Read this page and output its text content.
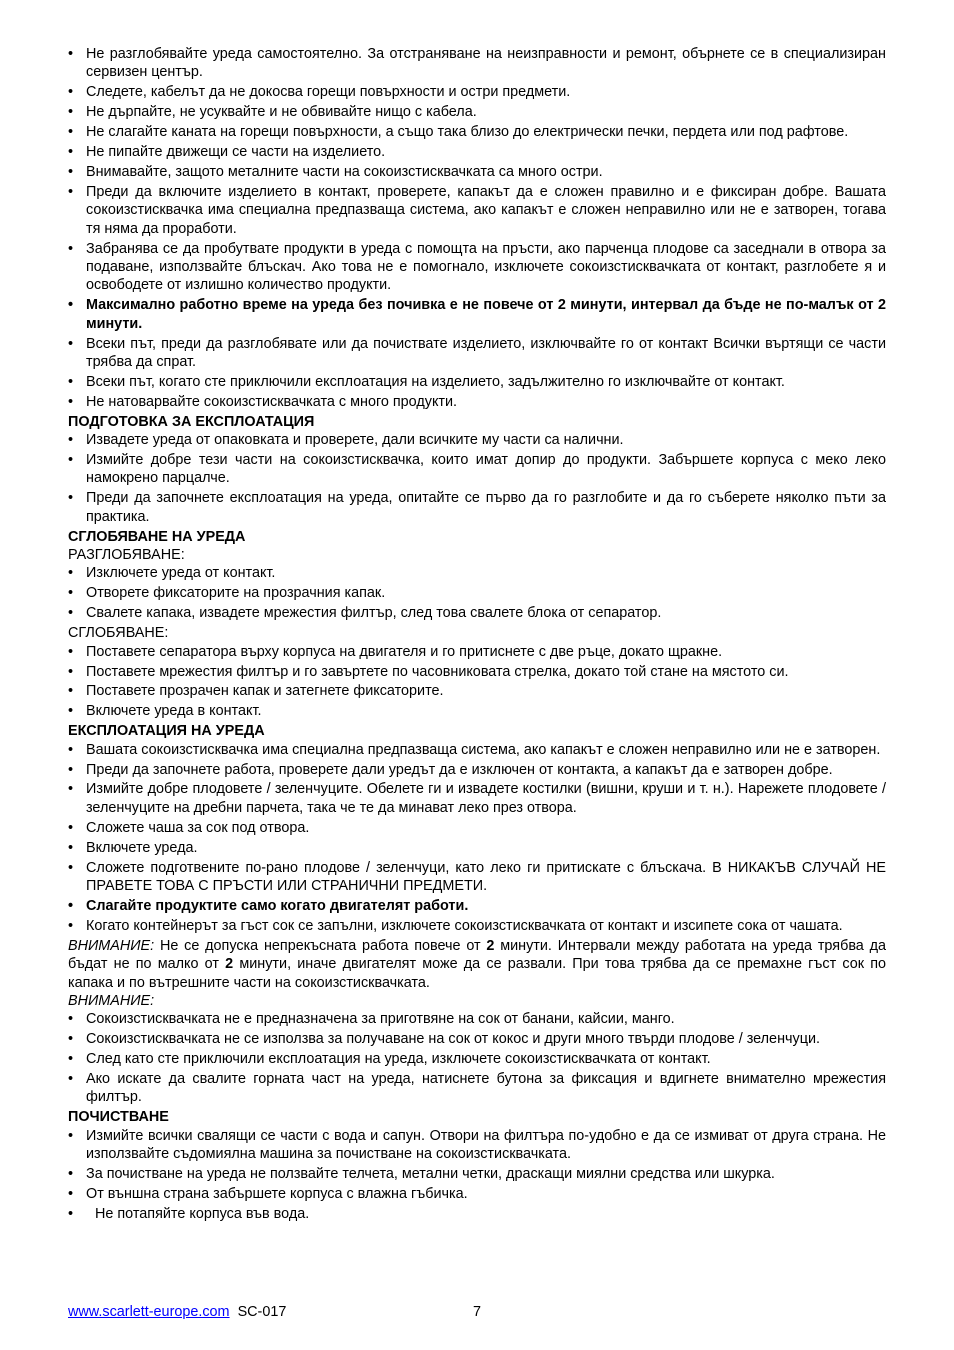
• Не разглобявайте уреда самостоятелно. За отстраняване на неизправности и ремонт, обърнете се в специализиран сервизен център.
• Следете, кабелът да не докосва горещи повърхности и остри предмети.
• Не дърпайте, не усуквайте и не обвивайте нищо с кабела.
• Не слагайте каната на горещи повърхности, а също така близо до електрически печки, пердета или под рафтове.
• Не пипайте движещи се части на изделието.
• Внимавайте, защото металните части на сокоизстисквачката са много остри.
• Преди да включите изделието в контакт, проверете, капакът да е сложен правилно и е фиксиран добре. Вашата сокоизстисквачка има специална предпазваща система, ако капакът е сложен неправилно или не е затворен, тогава тя няма да проработи.
• Забранява се да пробутвате продукти в уреда с помощта на пръсти, ако парченца плодове са заседнали в отвора за подаване, използвайте блъскач. Ако това не е помогнало, изключете сокоизстисквачката от контакт, разглобете я и освободете от излишно количество продукти.
• Максимално работно време на уреда без почивка е не повече от 2 минути, интервал да бъде не по-малък от 2 минути.
• Всеки път, преди да разглобявате или да почиствате изделието, изключвайте го от контакт Всички въртящи се части трябва да спрат.
• Всеки път, когато сте приключили експлоатация на изделието, задължително го изключвайте от контакт.
• Не натоварвайте сокоизстисквачката с много продукти.
ПОДГОТОВКА ЗА ЕКСПЛОАТАЦИЯ
• Извадете уреда от опаковката и проверете, дали всичките му части са налични.
• Измийте добре тези части на сокоизстисквачка, които имат допир до продукти. Забършете корпуса с меко леко намокрено парцалче.
• Преди да започнете експлоатация на уреда, опитайте се първо да го разглобите и да го съберете няколко пъти за практика.
СГЛОБЯВАНЕ НА УРЕДА
РАЗГЛОБЯВАНЕ:
• Изключете уреда от контакт.
• Отворете фиксаторите на прозрачния капак.
• Свалете капака, извадете мрежестия филтър, след това свалете блока от сепаратор.
СГЛОБЯВАНЕ:
• Поставете сепаратора върху корпуса на двигателя и го притиснете с две ръце, докато щракне.
• Поставете мрежестия филтър и го завъртете по часовниковата стрелка, докато той стане на мястото си.
• Поставете прозрачен капак и затегнете фиксаторите.
• Включете уреда в контакт.
ЕКСПЛОАТАЦИЯ НА УРЕДА
• Вашата сокоизстисквачка има специална предпазваща система, ако капакът е сложен неправилно или не е затворен.
• Преди да започнете работа, проверете дали уредът да е изключен от контакта, а капакът да е затворен добре.
• Измийте добре плодовете / зеленчуците. Обелете ги и извадете костилки (вишни, круши и т. н.). Нарежете плодовете / зеленчуците на дребни парчета, така че те да минават леко през отвора.
• Сложете чаша за сок под отвора.
• Включете уреда.
• Сложете подготвените по-рано плодове / зеленчуци, като леко ги притискате с блъскача. В НИКАКЪВ СЛУЧАЙ НЕ ПРАВЕТЕ ТОВА С ПРЪСТИ ИЛИ СТРАНИЧНИ ПРЕДМЕТИ.
• Слагайте продуктите само когато двигателят работи.
• Когато контейнерът за гъст сок се запълни, изключете сокоизстисквачката от контакт и изсипете сока от чашата.

ВНИМАНИЕ: Не се допуска непрекъсната работа повече от 2 минути. Интервали между работата на уреда трябва да бъдат не по малко от 2 минути, иначе двигателят може да се развали. При това трябва да се премахне гъст сок по капака и по вътрешните части на сокоизстисквачката.

ВНИМАНИЕ:
• Сокоизстисквачката не е предназначена за приготвяне на сок от банани, кайсии, манго.
• Сокоизстисквачката не се използва за получаване на сок от кокос и други много твърди плодове / зеленчуци.
• След като сте приключили експлоатация на уреда, изключете сокоизстисквачката от контакт.
• Ако искате да свалите горната част на уреда, натиснете бутона за фиксация и вдигнете внимателно мрежестия филтър.
ПОЧИСТВАНЕ
• Измийте всички свалящи се части с вода и сапун. Отвори на филтъра по-удобно е да се измиват от друга страна. Не използвайте съдомиялна машина за почистване на сокоизстисквачката.
• За почистване на уреда не ползвайте телчета, метални четки, драскащи миялни средства или шкурка.
• От външна страна забършете корпуса с влажна гъбичка.
• Не потапяйте корпуса във вода.
www.scarlett-europe.com SC-017	7
